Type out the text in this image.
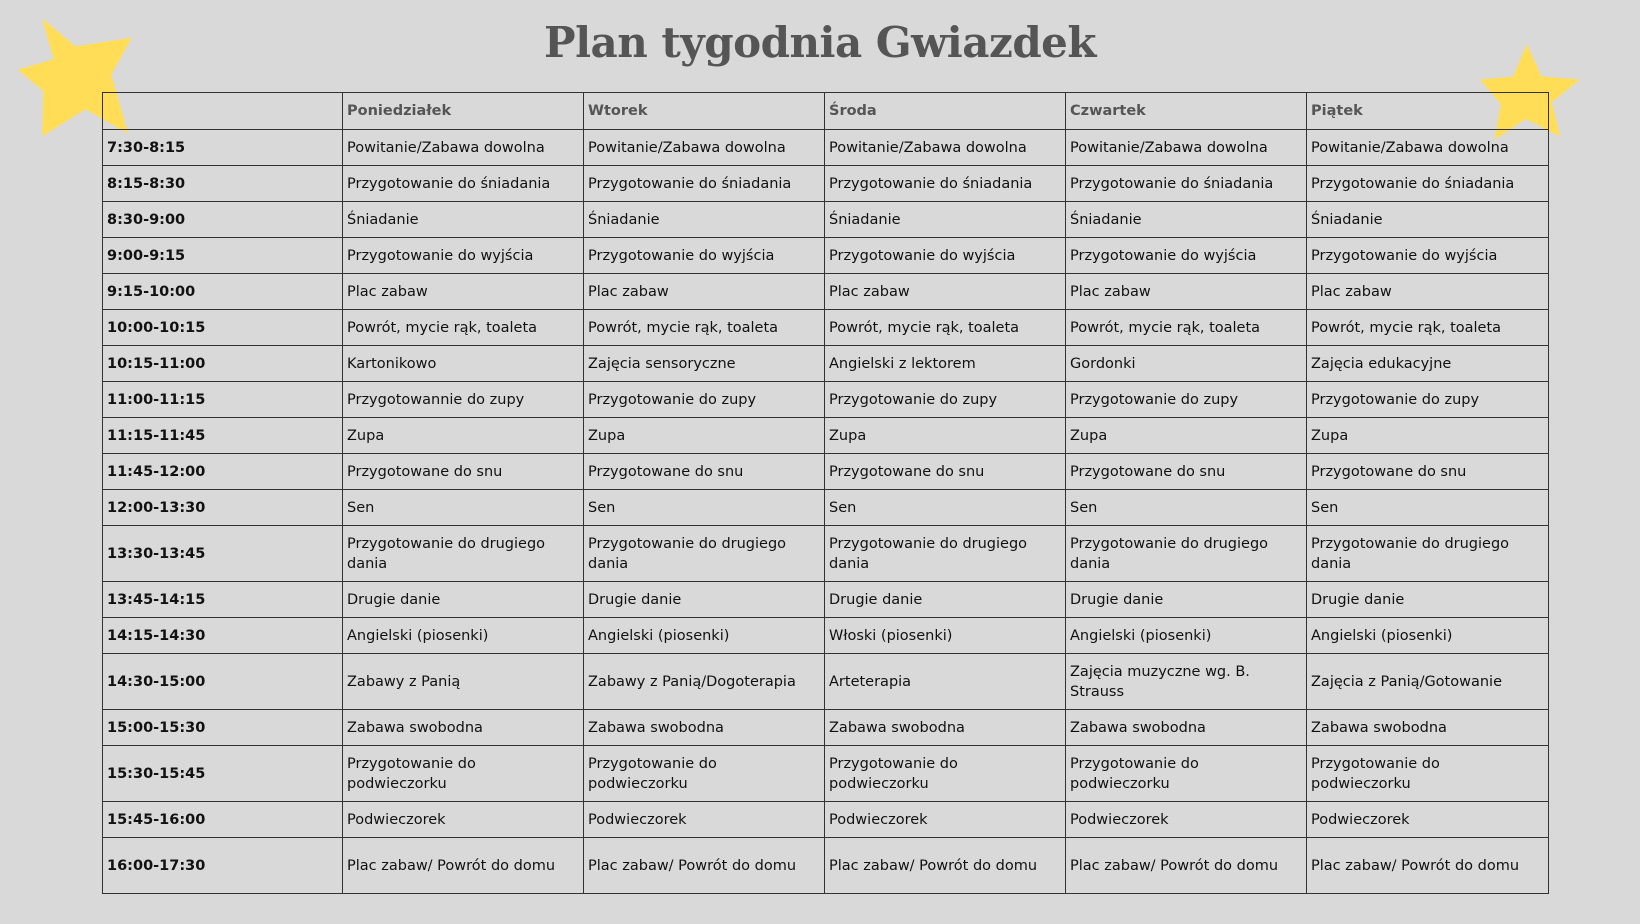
Plan tygodnia Gwiazdek
	Poniedziałek	Wtorek	Środa	Czwartek	Piątek
7:30-8:15	Powitanie/Zabawa dowolna	Powitanie/Zabawa dowolna	Powitanie/Zabawa dowolna	Powitanie/Zabawa dowolna	Powitanie/Zabawa dowolna
8:15-8:30	Przygotowanie do śniadania	Przygotowanie do śniadania	Przygotowanie do śniadania	Przygotowanie do śniadania	Przygotowanie do śniadania
8:30-9:00	Śniadanie	Śniadanie	Śniadanie	Śniadanie	Śniadanie
9:00-9:15	Przygotowanie do wyjścia	Przygotowanie do wyjścia	Przygotowanie do wyjścia	Przygotowanie do wyjścia	Przygotowanie do wyjścia
9:15-10:00	Plac zabaw	Plac zabaw	Plac zabaw	Plac zabaw	Plac zabaw
10:00-10:15	Powrót, mycie rąk, toaleta	Powrót, mycie rąk, toaleta	Powrót, mycie rąk, toaleta	Powrót, mycie rąk, toaleta	Powrót, mycie rąk, toaleta
10:15-11:00	Kartonikowo	Zajęcia sensoryczne	Angielski z lektorem	Gordonki	Zajęcia edukacyjne
11:00-11:15	Przygotowannie do zupy	Przygotowanie do zupy	Przygotowanie do zupy	Przygotowanie do zupy	Przygotowanie do zupy
11:15-11:45	Zupa	Zupa	Zupa	Zupa	Zupa
11:45-12:00	Przygotowane do snu	Przygotowane do snu	Przygotowane do snu	Przygotowane do snu	Przygotowane do snu
12:00-13:30	Sen	Sen	Sen	Sen	Sen
13:30-13:45	Przygotowanie do drugiego dania	Przygotowanie do drugiego dania	Przygotowanie do drugiego dania	Przygotowanie do drugiego dania	Przygotowanie do drugiego dania
13:45-14:15	Drugie danie	Drugie danie	Drugie danie	Drugie danie	Drugie danie
14:15-14:30	Angielski (piosenki)	Angielski (piosenki)	Włoski (piosenki)	Angielski (piosenki)	Angielski (piosenki)
14:30-15:00	Zabawy z Panią	Zabawy z Panią/Dogoterapia	Arteterapia	Zajęcia muzyczne wg. B. Strauss	Zajęcia z Panią/Gotowanie
15:00-15:30	Zabawa swobodna	Zabawa swobodna	Zabawa swobodna	Zabawa swobodna	Zabawa swobodna
15:30-15:45	Przygotowanie do podwieczorku	Przygotowanie do podwieczorku	Przygotowanie do podwieczorku	Przygotowanie do podwieczorku	Przygotowanie do podwieczorku
15:45-16:00	Podwieczorek	Podwieczorek	Podwieczorek	Podwieczorek	Podwieczorek
16:00-17:30	Plac zabaw/ Powrót do domu	Plac zabaw/ Powrót do domu	Plac zabaw/ Powrót do domu	Plac zabaw/ Powrót do domu	Plac zabaw/ Powrót do domu
